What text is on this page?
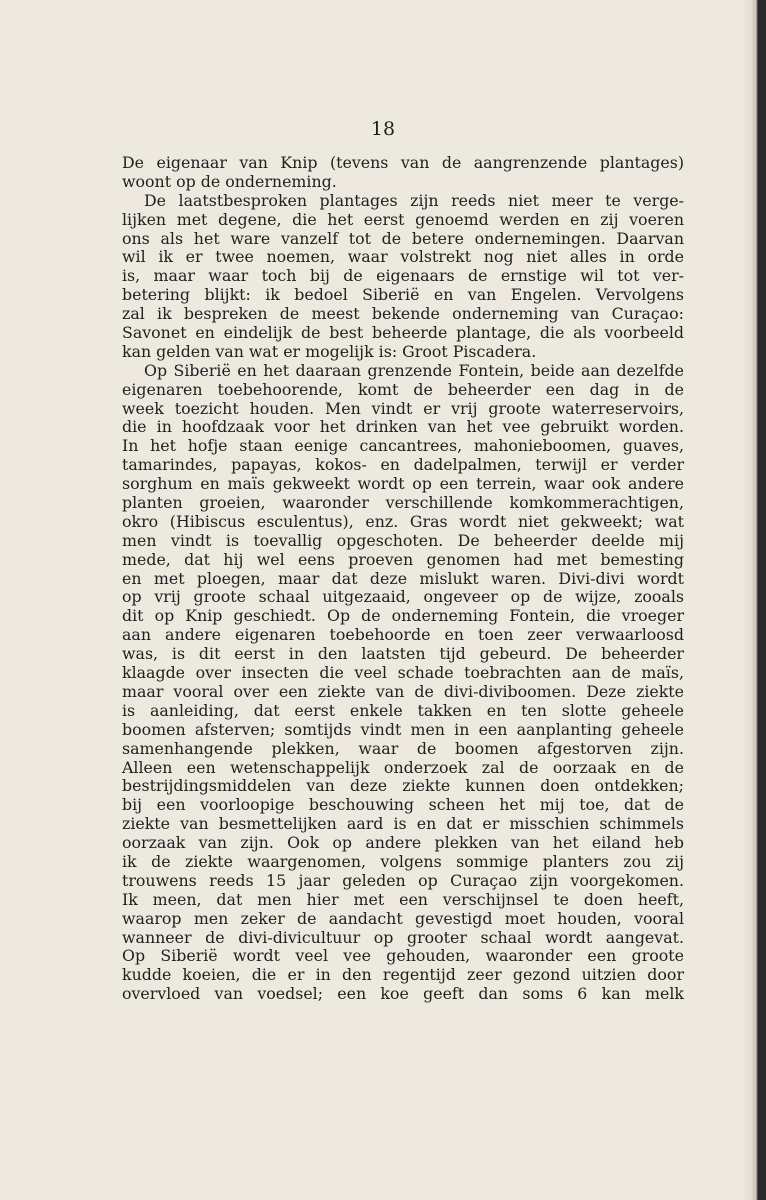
18
De eigenaar van Knip (tevens van de aangrenzende plantages)
woont op de onderneming.
De laatstbesproken plantages zijn reeds niet meer te verge-
lijken met degene, die het eerst genoemd werden en zij voeren
ons als het ware vanzelf tot de betere ondernemingen. Daarvan
wil ik er twee noemen, waar volstrekt nog niet alles in orde
is, maar waar toch bij de eigenaars de ernstige wil tot ver-
betering blijkt: ik bedoel Siberië en van Engelen. Vervolgens
zal ik bespreken de meest bekende onderneming van Curaçao:
Savonet en eindelijk de best beheerde plantage, die als voorbeeld
kan gelden van wat er mogelijk is: Groot Piscadera.
Op Siberië en het daaraan grenzende Fontein, beide aan dezelfde
eigenaren toebehoorende, komt de beheerder een dag in de
week toezicht houden. Men vindt er vrij groote waterreservoirs,
die in hoofdzaak voor het drinken van het vee gebruikt worden.
In het hofje staan eenige cancantrees, mahonieboomen, guaves,
tamarindes, papayas, kokos- en dadelpalmen, terwijl er verder
sorghum en maïs gekweekt wordt op een terrein, waar ook andere
planten groeien, waaronder verschillende komkommerachtigen,
okro (Hibiscus esculentus), enz. Gras wordt niet gekweekt; wat
men vindt is toevallig opgeschoten. De beheerder deelde mij
mede, dat hij wel eens proeven genomen had met bemesting
en met ploegen, maar dat deze mislukt waren. Divi-divi wordt
op vrij groote schaal uitgezaaid, ongeveer op de wijze, zooals
dit op Knip geschiedt. Op de onderneming Fontein, die vroeger
aan andere eigenaren toebehoorde en toen zeer verwaarloosd
was, is dit eerst in den laatsten tijd gebeurd. De beheerder
klaagde over insecten die veel schade toebrachten aan de maïs,
maar vooral over een ziekte van de divi-diviboomen. Deze ziekte
is aanleiding, dat eerst enkele takken en ten slotte geheele
boomen afsterven; somtijds vindt men in een aanplanting geheele
samenhangende plekken, waar de boomen afgestorven zijn.
Alleen een wetenschappelijk onderzoek zal de oorzaak en de
bestrijdingsmiddelen van deze ziekte kunnen doen ontdekken;
bij een voorloopige beschouwing scheen het mij toe, dat de
ziekte van besmettelijken aard is en dat er misschien schimmels
oorzaak van zijn. Ook op andere plekken van het eiland heb
ik de ziekte waargenomen, volgens sommige planters zou zij
trouwens reeds 15 jaar geleden op Curaçao zijn voorgekomen.
Ik meen, dat men hier met een verschijnsel te doen heeft,
waarop men zeker de aandacht gevestigd moet houden, vooral
wanneer de divi-divicultuur op grooter schaal wordt aangevat.
Op Siberië wordt veel vee gehouden, waaronder een groote
kudde koeien, die er in den regentijd zeer gezond uitzien door
overvloed van voedsel; een koe geeft dan soms 6 kan melk
